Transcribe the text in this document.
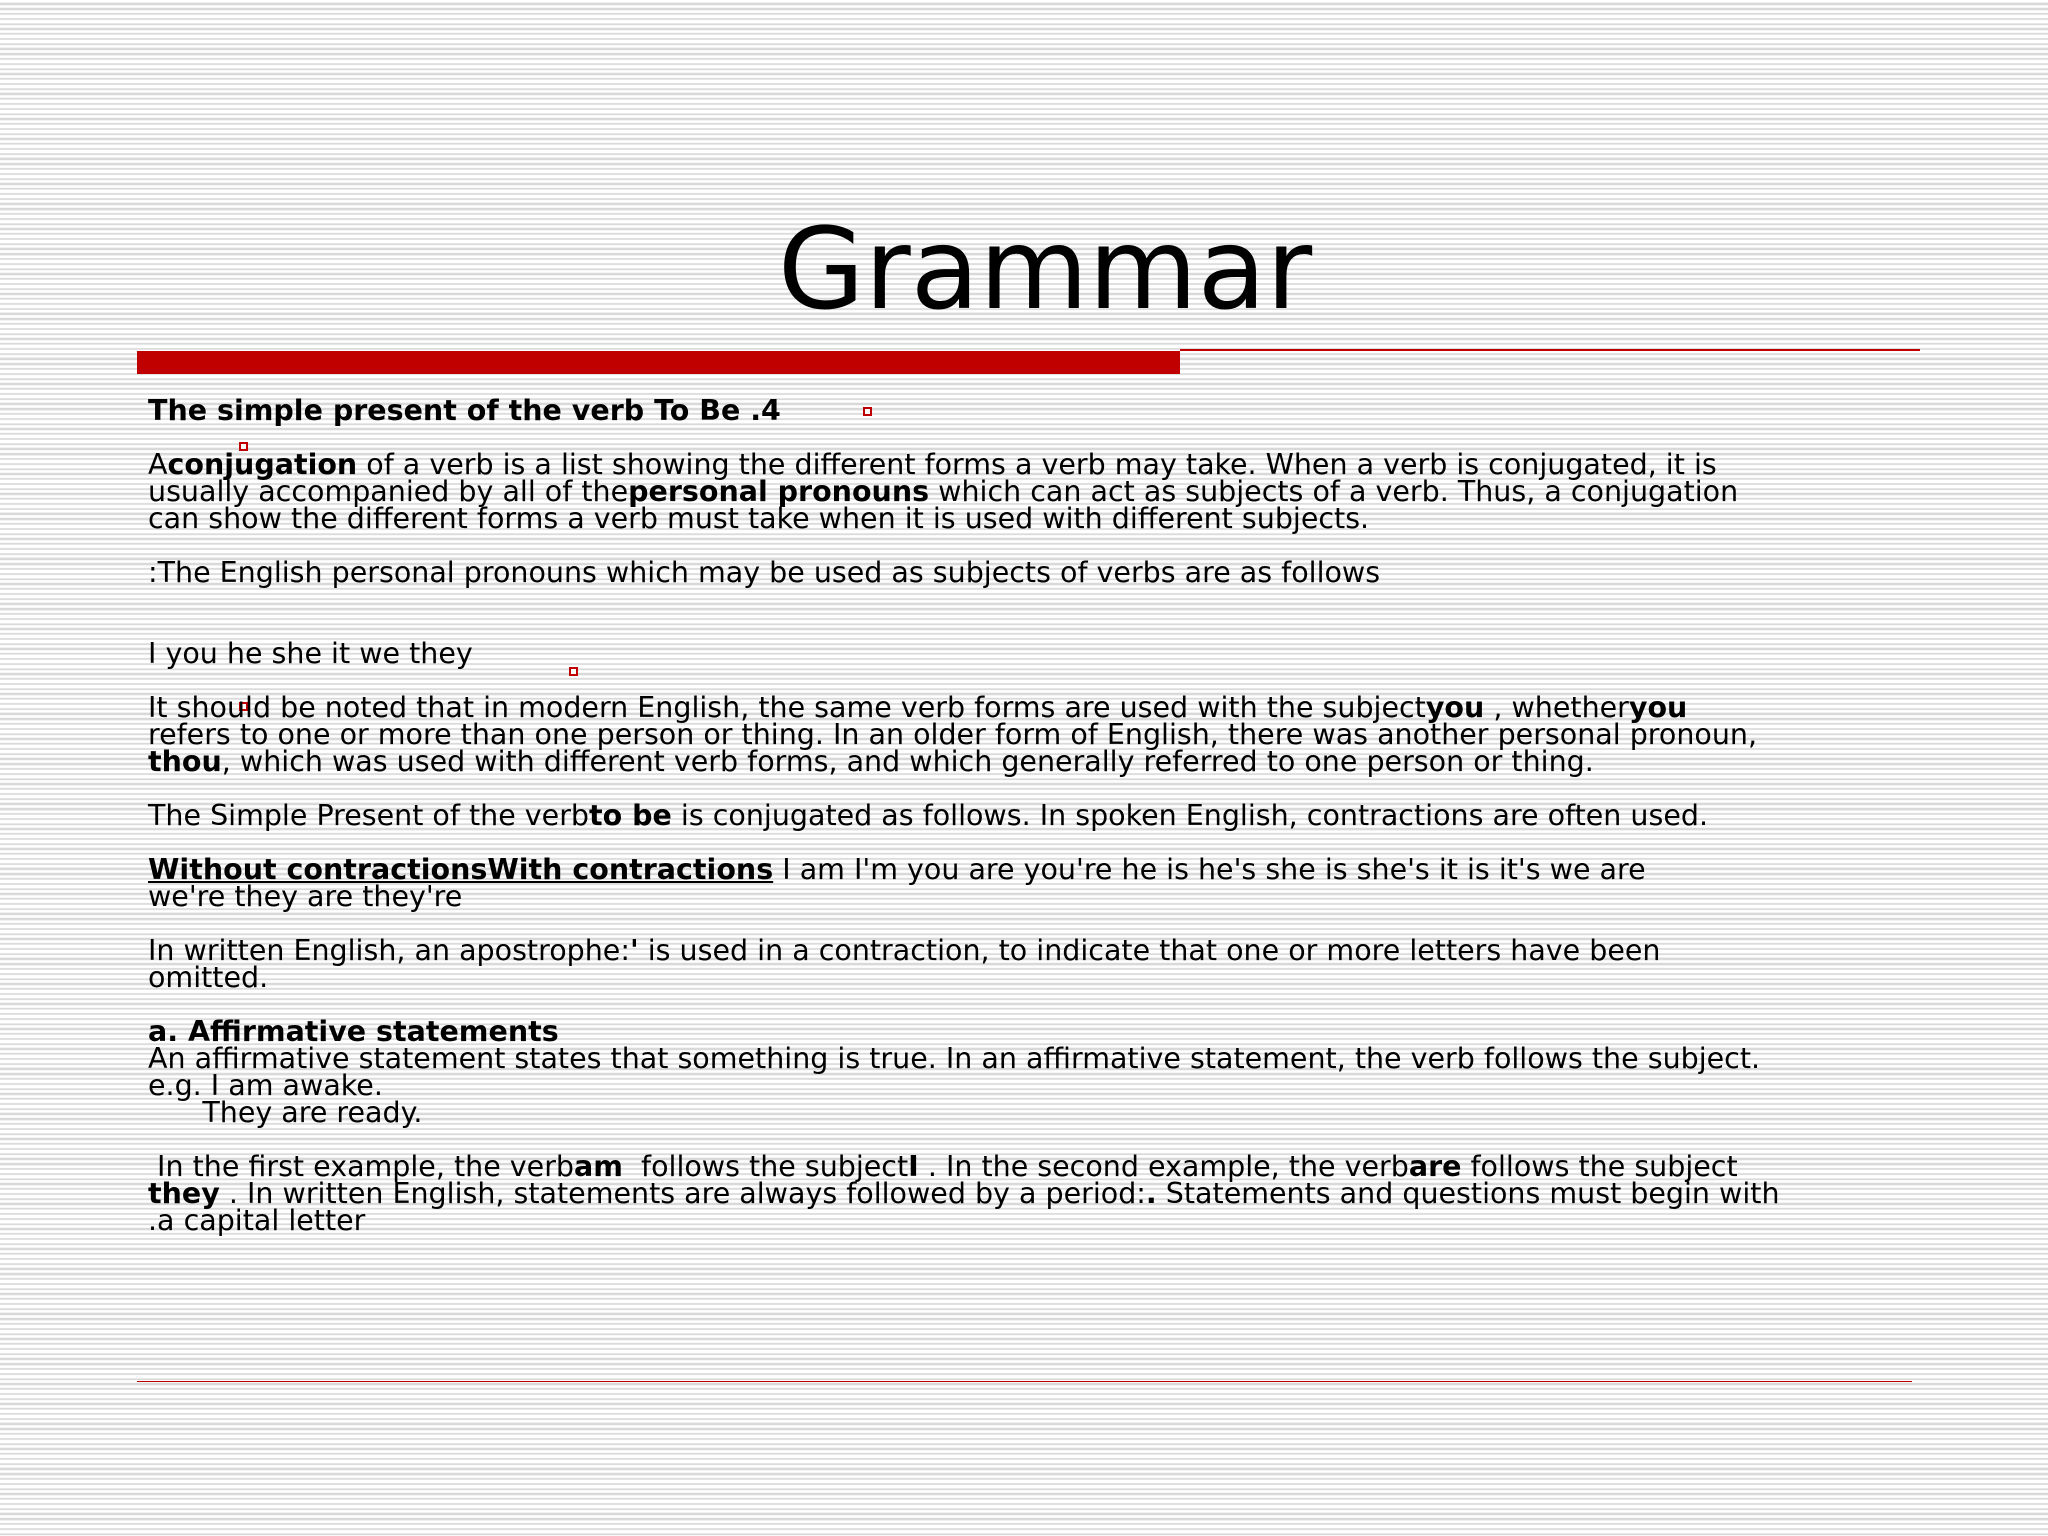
Grammar

The simple present of the verb To Be .4

Aconjugation of a verb is a list showing the different forms a verb may take. When a verb is conjugated, it is

usually accompanied by all of thepersonal pronouns which can act as subjects of a verb. Thus, a conjugation

can show the different forms a verb must take when it is used with different subjects.

:The English personal pronouns which may be used as subjects of verbs are as follows

I you he she it we they

It should be noted that in modern English, the same verb forms are used with the subjectyou , whetheryou

refers to one or more than one person or thing. In an older form of English, there was another personal pronoun,

thou, which was used with different verb forms, and which generally referred to one person or thing.

The Simple Present of the verbto be is conjugated as follows. In spoken English, contractions are often used.

Without contractionsWith contractions I am I'm you are you're he is he's she is she's it is it's we are

we're they are they're

In written English, an apostrophe:' is used in a contraction, to indicate that one or more letters have been

omitted.

a. Affirmative statements

An affirmative statement states that something is true. In an affirmative statement, the verb follows the subject.

e.g. I am awake.

They are ready.

In the first example, the verbam  follows the subjectI . In the second example, the verbare follows the subject

they . In written English, statements are always followed by a period:. Statements and questions must begin with

.a capital letter
